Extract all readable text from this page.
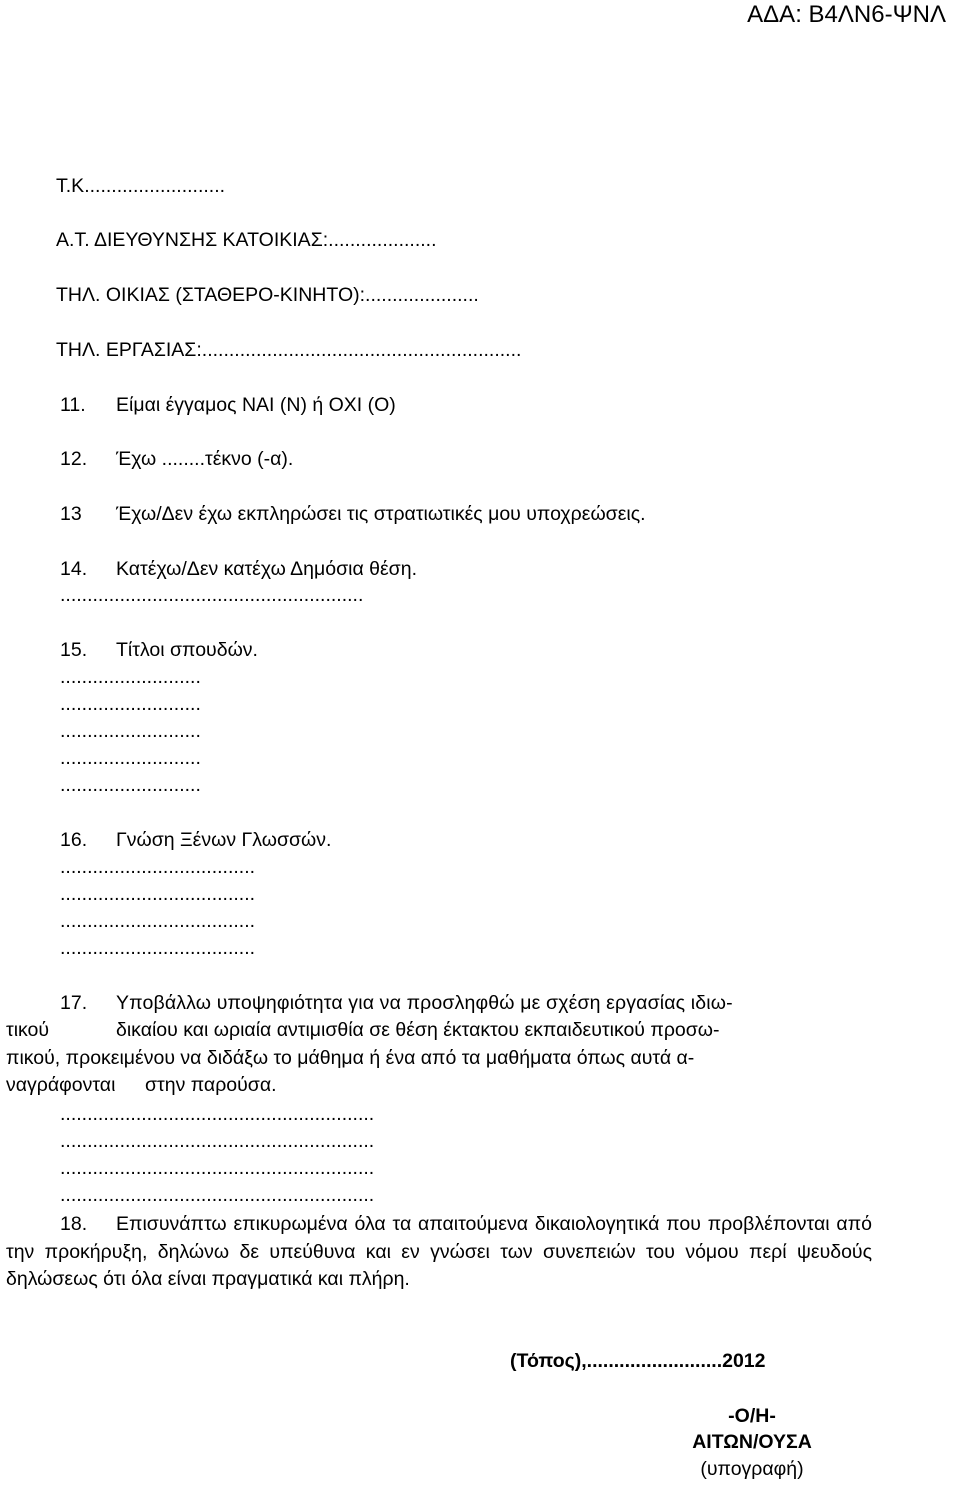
ΑΔΑ: Β4ΛΝ6-ΨΝΛ
Τ.Κ..........................
Α.Τ. ΔΙΕΥΘΥΝΣΗΣ ΚΑΤΟΙΚΙΑΣ:....................
ΤΗΛ. ΟΙΚΙΑΣ (ΣΤΑΘΕΡΟ-ΚΙΝΗΤΟ):.....................
ΤΗΛ. ΕΡΓΑΣΙΑΣ:...........................................................
11. Είμαι έγγαμος ΝΑΙ (Ν) ή ΟΧΙ (Ο)
12. Έχω ........τέκνο (-α).
13 Έχω/Δεν έχω εκπληρώσει τις στρατιωτικές μου υποχρεώσεις.
14. Κατέχω/Δεν κατέχω Δημόσια θέση.
........................................................
15. Τίτλοι σπουδών.
..........................
..........................
..........................
..........................
..........................
16. Γνώση Ξένων Γλωσσών.
....................................
....................................
....................................
....................................
17. Υποβάλλω υποψηφιότητα για να προσληφθώ με σχέση εργασίας ιδιω-
τικού	δικαίου και ωριαία αντιμισθία σε θέση έκτακτου εκπαιδευτικού προσω-
πικού, προκειμένου να διδάξω το μάθημα ή ένα από τα μαθήματα όπως αυτά α-
ναγράφονται στην παρούσα.
..........................................................
..........................................................
..........................................................
..........................................................
18. Επισυνάπτω επικυρωμένα όλα τα απαιτούμενα δικαιολογητικά που προβλέπονται από την προκήρυξη, δηλώνω δε υπεύθυνα και εν γνώσει των συνεπειών του νόμου περί ψευδούς δηλώσεως ότι όλα είναι πραγματικά και πλήρη.
(Τόπος),.........................2012
-Ο/Η-
ΑΙΤΩΝ/ΟΥΣΑ
(υπογραφή)
